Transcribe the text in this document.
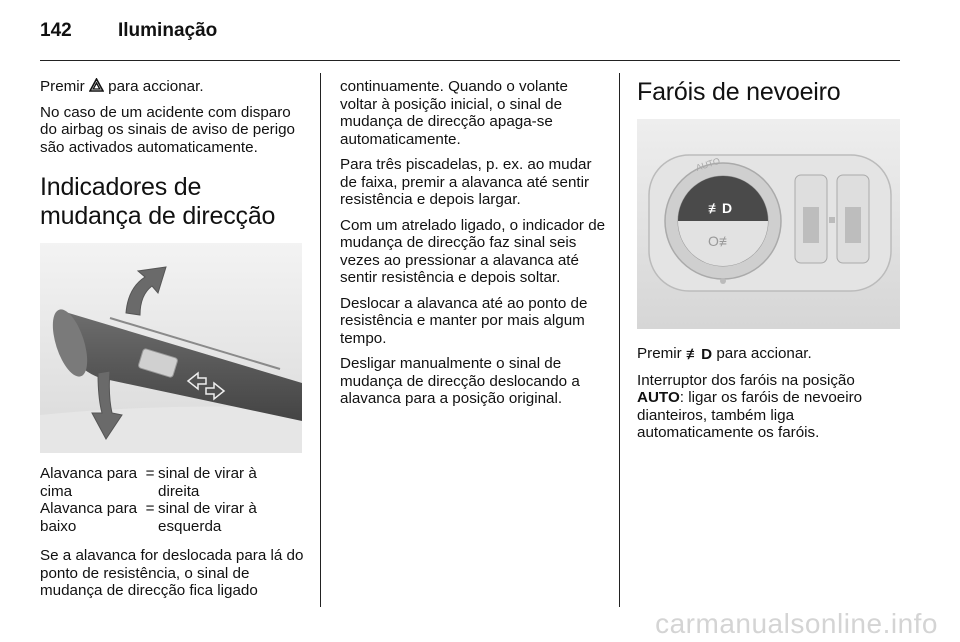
142	Iluminação

Premir  para accionar.

No caso de um acidente com disparo do airbag os sinais de aviso de perigo são activados automaticamente.

Indicadores de mudança de direcção
Alavanca para cima	=	sinal de virar à direita
Alavanca para baixo	=	sinal de virar à esquerda

Se a alavanca for deslocada para lá do ponto de resistência, o sinal de mudança de direcção fica ligado

continuamente. Quando o volante voltar à posição inicial, o sinal de mudança de direcção apaga-se automaticamente.

Para três piscadelas, p. ex. ao mudar de faixa, premir a alavanca até sentir resistência e depois largar.

Com um atrelado ligado, o indicador de mudança de direcção faz sinal seis vezes ao pressionar a alavanca até sentir resistência e depois soltar.

Deslocar a alavanca até ao ponto de resistência e manter por mais algum tempo.

Desligar manualmente o sinal de mudança de direcção deslocando a alavanca para a posição original.

Faróis de nevoeiro
≢D
O≢
AUTO

Premir ≢D para accionar.

Interruptor dos faróis na posição AUTO: ligar os faróis de nevoeiro dianteiros, também liga automaticamente os faróis.

carmanualsonline.info
